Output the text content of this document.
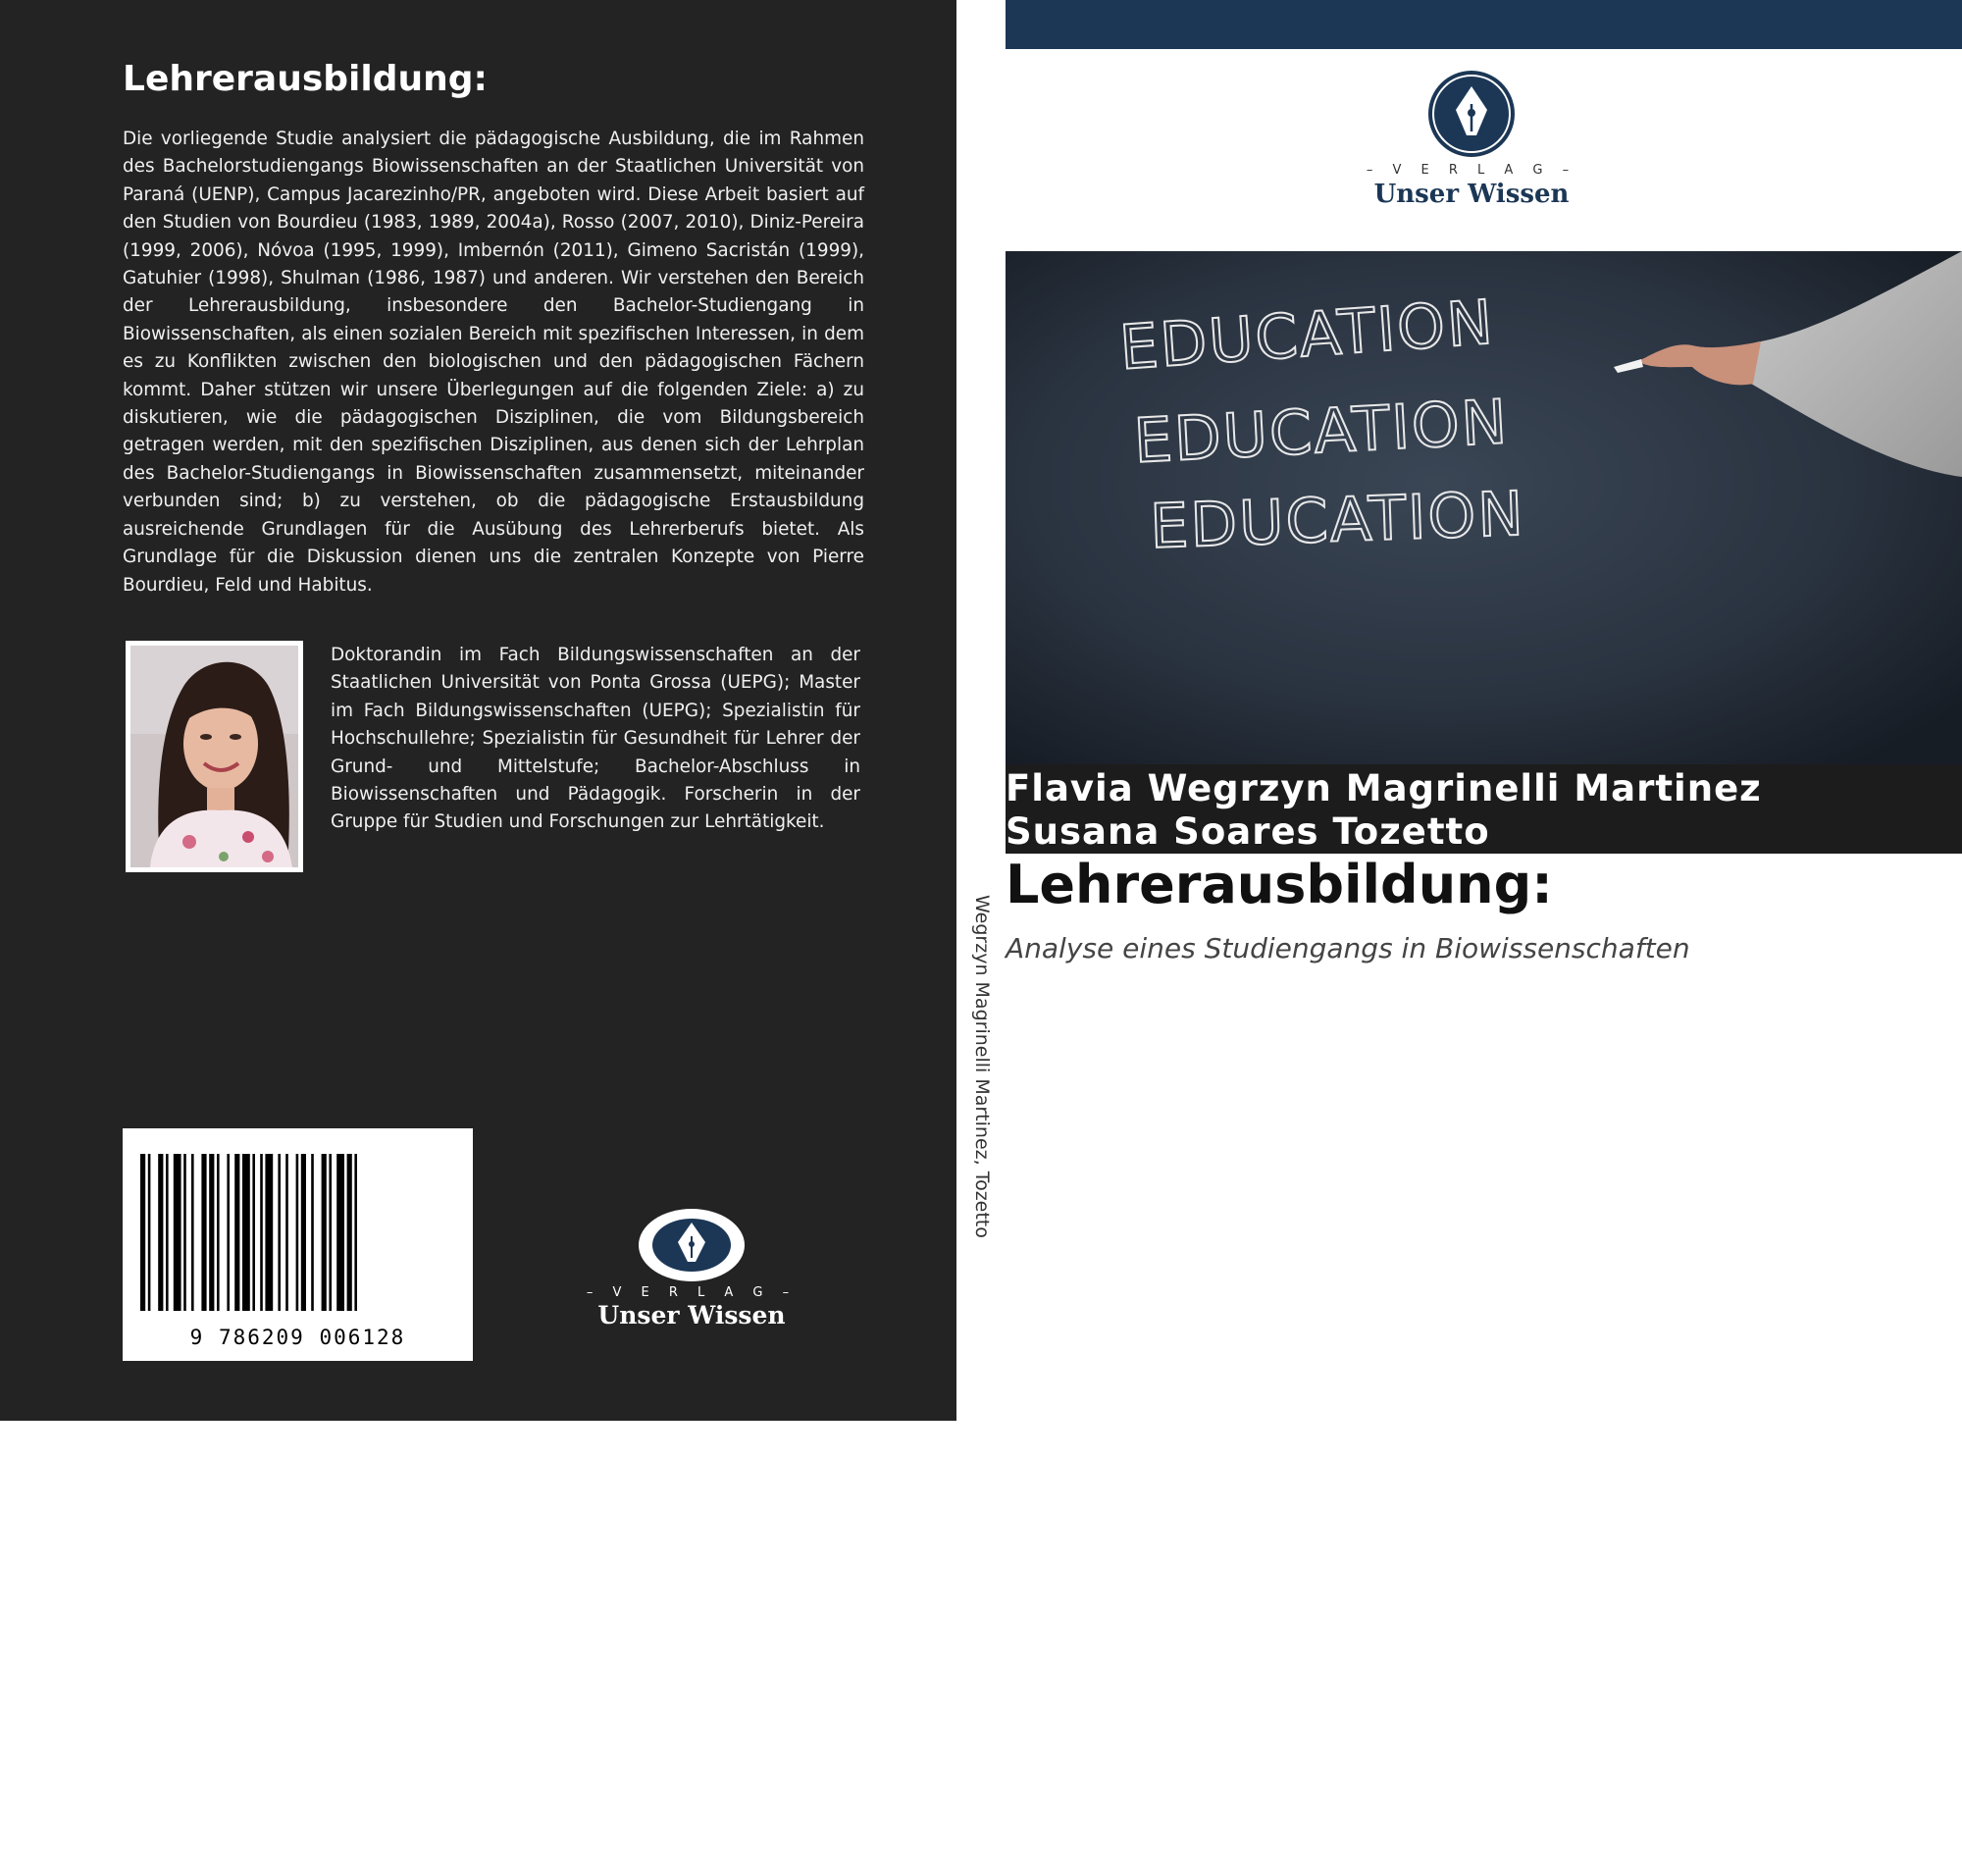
Lehrerausbildung:

Die vorliegende Studie analysiert die pädagogische Ausbildung, die im Rahmen des Bachelorstudiengangs Biowissenschaften an der Staatlichen Universität von Paraná (UENP), Campus Jacarezinho/PR, angeboten wird. Diese Arbeit basiert auf den Studien von Bourdieu (1983, 1989, 2004a), Rosso (2007, 2010), Diniz-Pereira (1999, 2006), Nóvoa (1995, 1999), Imbernón (2011), Gimeno Sacristán (1999), Gatuhier (1998), Shulman (1986, 1987) und anderen. Wir verstehen den Bereich der Lehrerausbildung, insbesondere den Bachelor-Studiengang in Biowissenschaften, als einen sozialen Bereich mit spezifischen Interessen, in dem es zu Konflikten zwischen den biologischen und den pädagogischen Fächern kommt. Daher stützen wir unsere Überlegungen auf die folgenden Ziele: a) zu diskutieren, wie die pädagogischen Disziplinen, die vom Bildungsbereich getragen werden, mit den spezifischen Disziplinen, aus denen sich der Lehrplan des Bachelor-Studiengangs in Biowissenschaften zusammensetzt, miteinander verbunden sind; b) zu verstehen, ob die pädagogische Erstausbildung ausreichende Grundlagen für die Ausübung des Lehrerberufs bietet. Als Grundlage für die Diskussion dienen uns die zentralen Konzepte von Pierre Bourdieu, Feld und Habitus.

Doktorandin im Fach Bildungswissenschaften an der Staatlichen Universität von Ponta Grossa (UEPG); Master im Fach Bildungswissenschaften (UEPG); Spezialistin für Hochschullehre; Spezialistin für Gesundheit für Lehrer der Grund- und Mittelstufe; Bachelor-Abschluss in Biowissenschaften und Pädagogik. Forscherin in der Gruppe für Studien und Forschungen zur Lehrtätigkeit.

9 786209 006128
– V E R L A G –
Unser Wissen
Wegrzyn Magrinelli Martinez, Tozetto
– V E R L A G –
Unser Wissen
EDUCATION
EDUCATION
EDUCATION
Flavia Wegrzyn Magrinelli Martinez
Susana Soares Tozetto
Lehrerausbildung:

Analyse eines Studiengangs in Biowissenschaften
